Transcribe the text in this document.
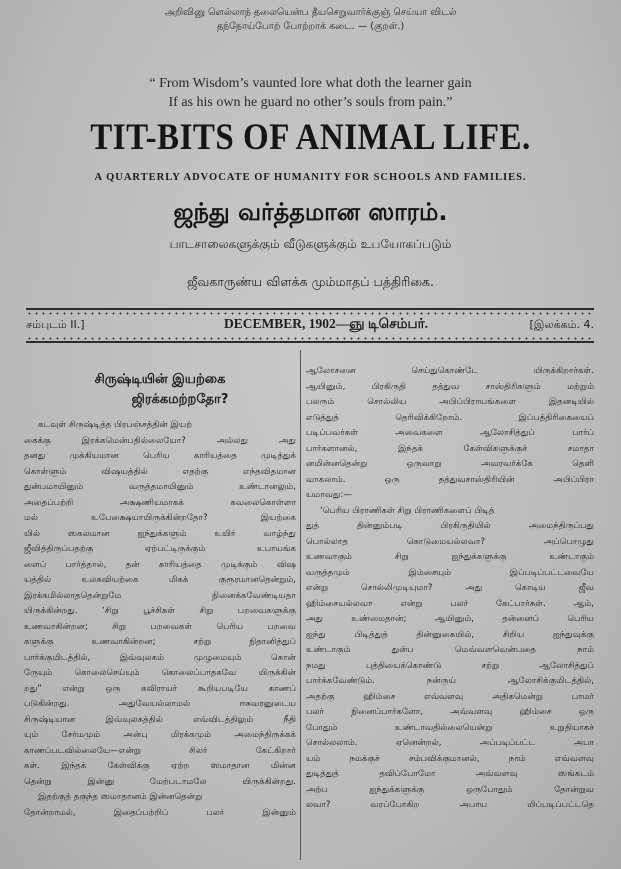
அறிவினு ளெல்லாந் தலையென்ப தீயசெறுவார்க்குஞ் செய்யா விடல்
தந்நோய்போற் போற்றாக் கடை. — (குறள்.)
“ From Wisdom’s vaunted lore what doth the learner gain
If as his own he guard no other’s souls from pain.”
TIT-BITS OF ANIMAL LIFE.
A QUARTERLY ADVOCATE OF HUMANITY FOR SCHOOLS AND FAMILIES.
ஜந்து வர்த்தமான ஸாரம்.
பாடசாலைகளுக்கும் வீடுகளுக்கும் உபயோகப்படும்
ஜீவகாருண்ய விளக்க மும்மாதப் பத்திரிகை.
சம்புடம் II.]	DECEMBER, 1902—ஞு டிசெம்பர்.	[இலக்கம். 4.
சிருஷ்டியின் இயற்கை
ஜிரக்கமற்றதோ?
கடவுள் சிருஷ்டித்த பிரபஞ்சத்தின் இயற்
கைக்கு இரக்கமென்பதில்லையோ? அல்லது அது
தனது முக்கியமான பெரிய காரியத்தை முடித்துக்
கொள்ளும் விஷயத்தில் எதற்கு எந்தவிதமான
துன்பமாயினும் வருத்தமாயினும் உண்டானலும்,
அதைப்பற்றி அக்ஷணியமாகக் கவலைகொள்ளா
மல் உபேக்ஷையாயிருக்கின்றதோ? இயற்கை
யில் ஸகலமான ஐந்துக்களும் உயிர் வாழ்ந்து
ஜீவித்திருப்பதற்கு ஏற்பட்டிருக்கும் உபாயங்க
ளைப் பார்த்தால், தன் காரியத்தை முடிக்கும் விஷ
யத்தில் உலகவியற்கை மிகக் குரூரமானதென்றும்,
இரக்கமில்லாததென்றுமே நினைக்கவேண்டியதா
யிருக்கின்றது. ‘சிறு பூச்சிகள் சிறு பறவைகளுக்கு
உணவாகின்றன; சிறு பறவைகள் பெரிய பறவை
களுக்கு உணவாகின்றன; சற்று நிதானித்துப்
பார்க்குமிடத்தில், இவ்வுலகம் முழுமையும் கொன்
ருேயும் கொலைசெய்யும் கொலைப்பாதகவே யிருக்கின்
றது” என்று ஒரு கவிராயர் கூறியபடியே காணப்
படுகின்றது. அதுவேயல்லாமல் ஈசுவரனுடைய
சிருஷ்டியான இவ்வுலகத்தில் எவ்விடத்திலும் நீதி
யும் சேர்மமும் அன்பு மிரக்கமும் அமைந்திருக்கக்
காணப்படவில்லையே—என்று சிலர் கேட்கிறார்
கள். இந்தக் கேள்விக்கு ஏற்ற ஸமாதான மின்ன
தென்று இன்னு மேற்படாமலே யிருக்கின்றது.
இதற்குத் தகுந்த ஸமாதானம் இன்னதென்று
தோன்றாமல், இதைப்பற்றிப் பலர் இன்னும்
ஆலோசனை செய்துகொண்டே யிருக்கிறார்கள்.
ஆயினும், பிரகிருதி தத்துவ சாஸ்திரிகளும் மற்றும்
பலரும் சொல்லிய அபிப்பிராயங்களை இதனடியில்
எடுத்துத் தெரிவிக்கிறோம். இப்பத்திரிகையைப்
படிப்பவர்கள் அவைகளை ஆலோசித்துப் பார்ப்
பார்களானல், இந்தக் கேள்விகளுக்குச் சமாதா
னமின்னதென்று ஒருவாறு அவரவர்க்கே தெளி
வாகலாம். ஒரு தத்துவசாஸ்திரியின் அபிப்பிரா
யமாவது:—
‘பெரிய பிராணிகள் சிறு பிராணிகளைப் பிடித்
துத் தின்னும்படி பிரகிருதியில் அமைந்திருப்பது
பொல்லாத கொடுமையல்லவா? அப்பொழுது
உணவாகும் சிறு ஐந்துக்களுக்கு உண்டாகும்
வருத்தமும் இம்சையும் இப்படிப்பட்டவையே
என்று சொல்லிமுடியுமா? அது கொடிய ஜீவ
ஹிம்சையல்லவா என்று பலர் கேட்பார்கள். ஆம்,
அது உண்மைதான்; ஆயினும், தன்னைப் பெரிய
ஐந்து பிடித்துத் தின்னுகையில், சிறிய ஐந்துவுக்கு
உண்டாகும் துன்ப மெவ்வளவென்பதை நாம்
நமது புத்தியைக்கொண்டு சற்று ஆலோசித்துப்
பார்க்கவேண்டும். நன்ருய் ஆலோசிக்குமிடத்தில்,
அதற்கு ஹிம்சை எவ்வளவு அதிகமென்று பாமர்
பலர் நினைப்பார்களோ, அவ்வளவு ஹிம்சை ஒரு
போதும் உண்டாவதில்லையென்று உறுதியாகச்
சொல்லலாம். ஏனென்றல், அப்படிப்பட்ட அபா
யம் நமக்குச் சம்பவிக்குமானல், நாம் எவ்வளவு
துடித்துத் தவிப்போமோ அவ்வளவு ஸங்கடம்
அற்ப ஐந்துக்களுக்கு ஒருபோதும் தோன்றுவ
லவா? வரப்போகிற அபாய மிப்படிப்பட்டதெ
